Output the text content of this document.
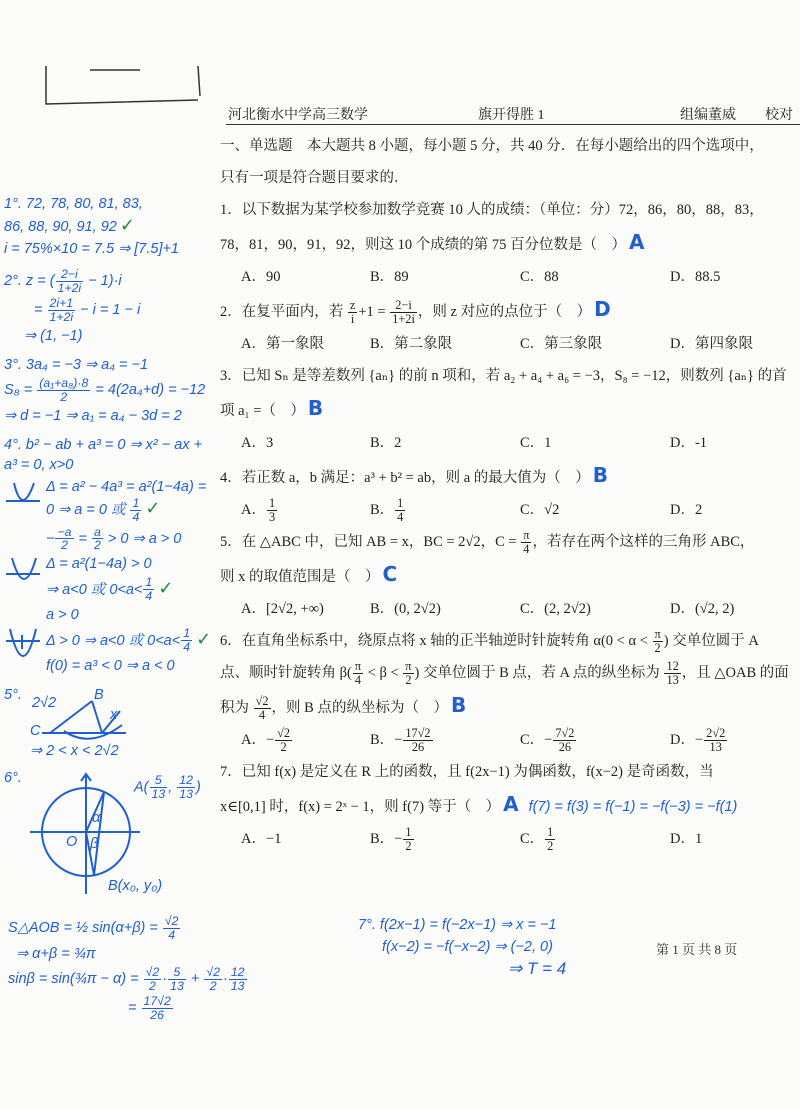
河北衡水中学高三数学	旗开得胜 1	组编董威 校对
1°. 72, 78, 80, 81, 83,
86, 88, 90, 91, 92 ✓
i = 75%×10 = 7.5 ⇒ [7.5]+1
2°. z = ( $\frac{2-i}{1+2i} - 1)\cdot i$
= $\frac{2i+1}{1+2i} - i = 1 - i$
⇒ (1, −1)
3°. 3a₄ = −3 ⇒ a₄ = −1
$S_8 = \frac{\text{(a₁+a₈)·8}}{2} = 4(2a_4+d) = -12$
⇒ d = −1 ⇒ a₁ = a₄ − 3d = 2
4°. b² − ab + a³ = 0 ⇒ x² − ax + a³ = 0, x>0
Δ = a² − 4a³ = a²(1−4a) = 0 ⇒ a = 0 或 $\frac{1}{4}$ ✓
− $\frac{-a}{2} = \frac{a}{2} > 0$ ⇒ a > 0
Δ = a²(1−4a) > 0
⇒ a<0 或 $0<a< \frac{1}{4}$ ✓
a > 0
Δ > 0 ⇒ a<0 或 $0<a< \frac{1}{4}$ ✓
f(0) = a³ < 0 ⇒ a < 0
5°.	B
2√2
x
C
⇒ 2 < x < 2√2
6°.
$A( \frac{5}{13}$ , $\frac{12}{13}$ )
B(x₀, y₀)
O
α
β
一、单选题　本大题共 8 小题，每小题 5 分，共 40 分．在每小题给出的四个选项中，
只有一项是符合题目要求的．
1．以下数据为某学校参加数学竞赛 10 人的成绩：（单位：分）72，86，80，88，83，
78，81，90，91，92，则这 10 个成绩的第 75 百分位数是（　） A
A．90	B．89	C．88	D．88.5
2．在复平面内，若 $\frac{z}{i} +1 = \frac{2-i}{1+2i}$ ，则 z 对应的点位于（　） D
A．第一象限	B．第二象限	C．第三象限	D．第四象限
3．已知 Sₙ 是等差数列 {aₙ} 的前 n 项和，若 a₂ + a₄ + a₆ = −3，S₈ = −12，则数列 {aₙ} 的首
项 a₁ =（　） B
A．3	B．2	C．1	D．-1
4．若正数 a，b 满足：a³ + b² = ab，则 a 的最大值为（　） B
A． $\frac{1}{3}$	B． $\frac{1}{4}$	C．√2	D．2
5．在 △ABC 中，已知 AB = x，BC = 2√2，$C = \frac{\pi}{4}$ ，若存在两个这样的三角形 ABC，
则 x 的取值范围是（　） C
A．[2√2, +∞)	B．(0, 2√2)	C．(2, 2√2)	D．(√2, 2)
6．在直角坐标系中，绕原点将 x 轴的正半轴逆时针旋转角 $\alpha(0 < \alpha < \frac{\pi}{2}$ ) 交单位圆于 A
点、顺时针旋转角 $\beta( \frac{\pi}{4} < \beta < \frac{\pi}{2}$ ) 交单位圆于 B 点，若 A 点的纵坐标为 $\frac{12}{13}$ ，且 △OAB 的面
积为 $\frac{√2}{4}$ ，则 B 点的纵坐标为（　） B
A．− $\frac{√2}{2}$	B．− $\frac{17√2}{26}$	C．− $\frac{7√2}{26}$	D．− $\frac{2√2}{13}$
7．已知 f(x) 是定义在 R 上的函数，且 f(2x−1) 为偶函数，f(x−2) 是奇函数，当
x∈[0,1] 时，f(x) = 2ˣ − 1，则 f(7) 等于（　） A f(7) = f(3) = f(−1) = −f(−3) = −f(1)
A．−1	B．− $\frac{1}{2}$	C． $\frac{1}{2}$	D．1
S△AOB = ½ $\sin(\alpha+\beta) = \frac{√2}{4}$
⇒ α+β = ¾π
sinβ = sin(¾π − $\alpha) = \frac{√2}{2} \cdot \frac{5}{13} + \frac{√2}{2} \cdot \frac{12}{13}$
= $\frac{17√2}{26}$
7°. f(2x−1) = f(−2x−1) ⇒ x = −1
f(x−2) = −f(−x−2) ⇒ (−2, 0)
⇒ T = 4
第 1 页 共 8 页
